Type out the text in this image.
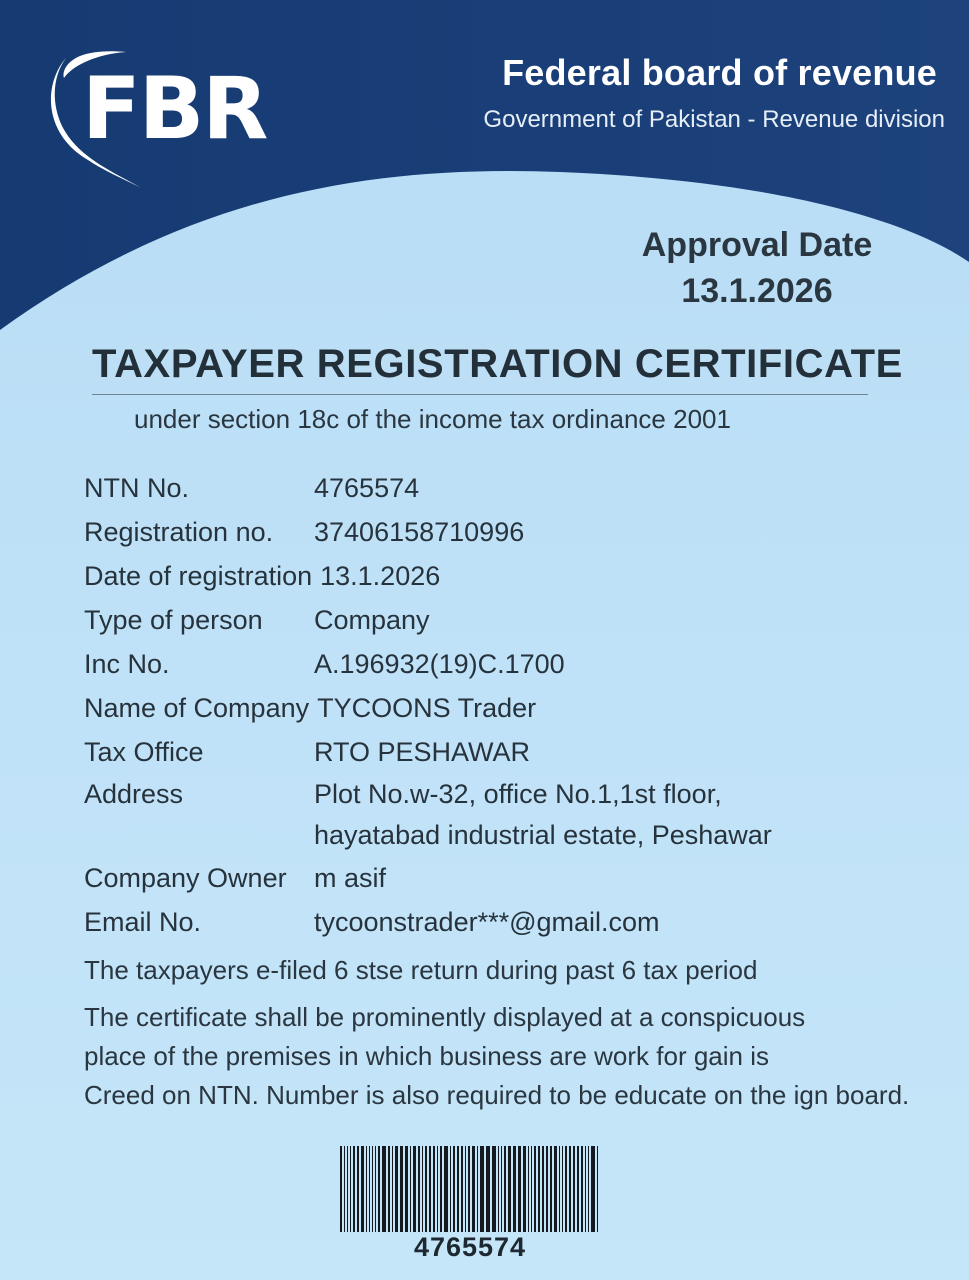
FBR	Federal board of revenue
Government of Pakistan - Revenue division
Approval Date
13.1.2026
TAXPAYER REGISTRATION CERTIFICATE
under section 18c of the income tax ordinance 2001
NTN No.	4765574
Registration no.	37406158710996
Date of registration 13.1.2026
Type of person	Company
Inc No.	A.196932(19)C.1700
Name of Company TYCOONS Trader
Tax Office	RTO PESHAWAR
Address	Plot No.w-32, office No.1,1st floor,
hayatabad industrial estate, Peshawar
Company Owner	m asif
Email No.	tycoonstrader***@gmail.com
The taxpayers e-filed 6 stse return during past 6 tax period
The certificate shall be prominently displayed at a conspicuous
place of the premises in which business are work for gain is
Creed on NTN. Number is also required to be educate on the ign board.
4765574
